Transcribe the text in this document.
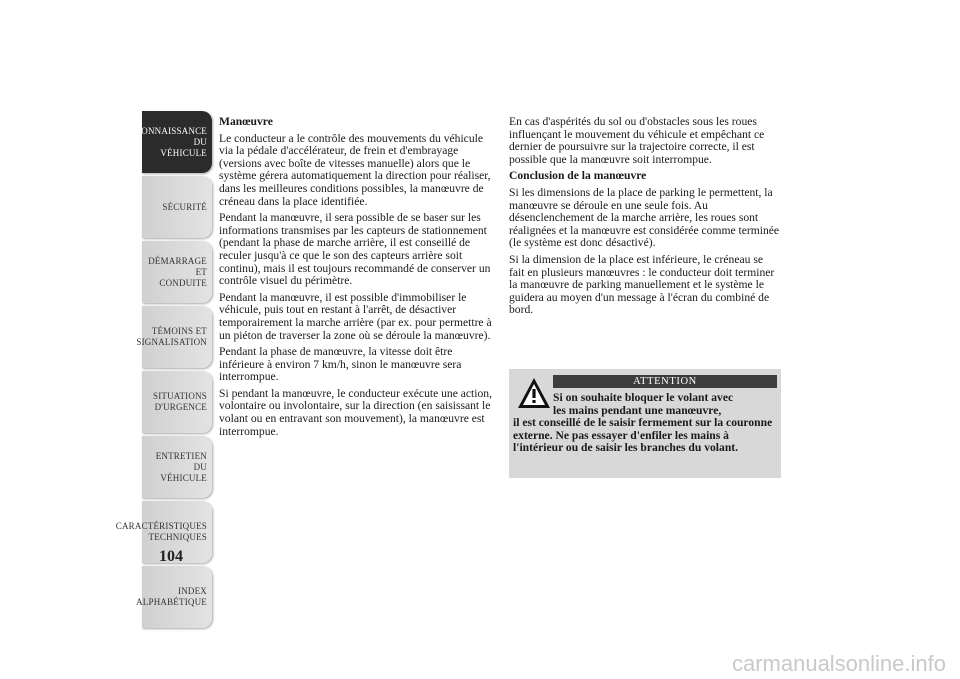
CONNAISSANCE DU
VÉHICULE
SÉCURITÉ
DÉMARRAGE ET
CONDUITE
TÉMOINS ET
SIGNALISATION
SITUATIONS
D'URGENCE
ENTRETIEN DU
VÉHICULE
CARACTÉRISTIQUES
TECHNIQUES
INDEX
ALPHABÉTIQUE
104
Manœuvre

Le conducteur a le contrôle des mouvements du véhicule via la pédale d'accélérateur, de frein et d'embrayage (versions avec boîte de vitesses manuelle) alors que le système gérera automatiquement la direction pour réaliser, dans les meilleures conditions possibles, la manœuvre de créneau dans la place identifiée.

Pendant la manœuvre, il sera possible de se baser sur les informations transmises par les capteurs de stationnement (pendant la phase de marche arrière, il est conseillé de reculer jusqu'à ce que le son des capteurs arrière soit continu), mais il est toujours recommandé de conserver un contrôle visuel du périmètre.

Pendant la manœuvre, il est possible d'immobiliser le véhicule, puis tout en restant à l'arrêt, de désactiver temporairement la marche arrière (par ex. pour permettre à un piéton de traverser la zone où se déroule la manœuvre).

Pendant la phase de manœuvre, la vitesse doit être inférieure à environ 7 km/h, sinon le manœuvre sera interrompue.

Si pendant la manœuvre, le conducteur exécute une action, volontaire ou involontaire, sur la direction (en saisissant le volant ou en entravant son mouvement), la manœuvre est interrompue.

En cas d'aspérités du sol ou d'obstacles sous les roues influençant le mouvement du véhicule et empêchant ce dernier de poursuivre sur la trajectoire correcte, il est possible que la manœuvre soit interrompue.

Conclusion de la manœuvre

Si les dimensions de la place de parking le permettent, la manœuvre se déroule en une seule fois. Au désenclenchement de la marche arrière, les roues sont réalignées et la manœuvre est considérée comme terminée (le système est donc désactivé).

Si la dimension de la place est inférieure, le créneau se fait en plusieurs manœuvres : le conducteur doit terminer la manœuvre de parking manuellement et le système le guidera au moyen d'un message à l'écran du combiné de bord.

ATTENTION
Si on souhaite bloquer le volant avec
les mains pendant une manœuvre,
il est conseillé de le saisir fermement sur la couronne externe. Ne pas essayer d'enfiler les mains à l'intérieur ou de saisir les branches du volant.
carmanualsonline.info
